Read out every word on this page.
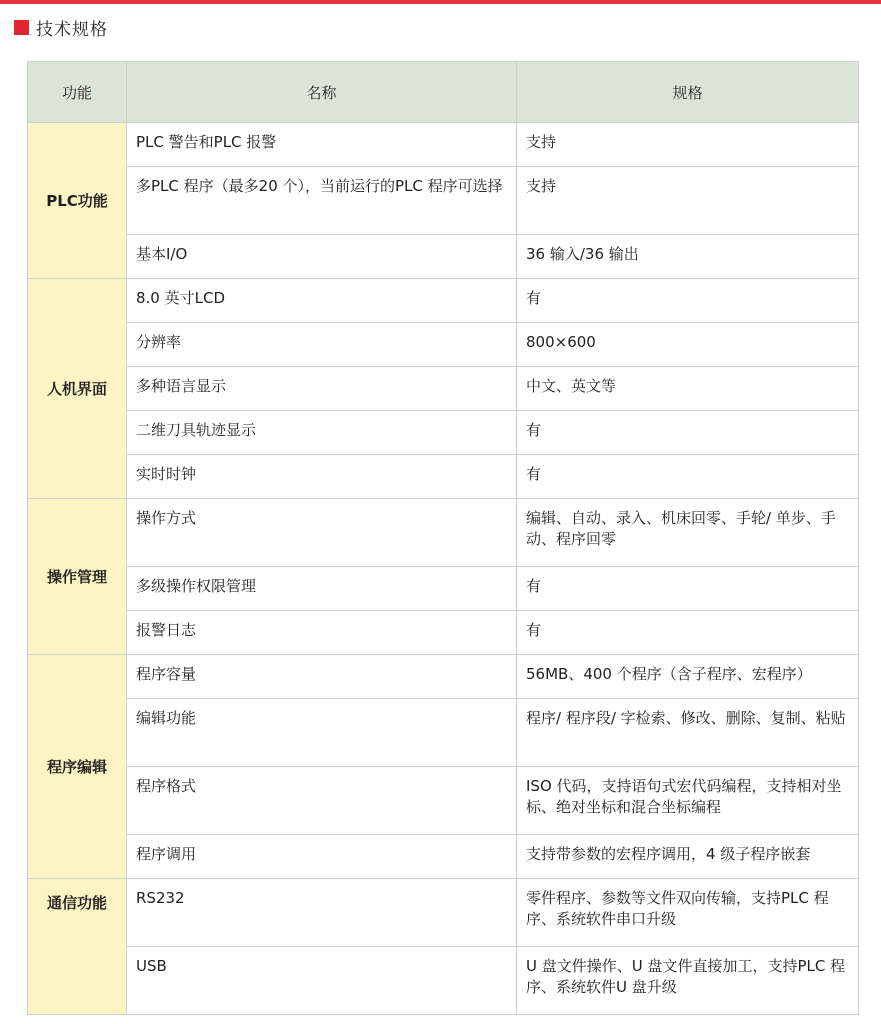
技术规格
功能	名称	规格
PLC功能	PLC 警告和PLC 报警	支持
	多PLC 程序（最多20 个），当前运行的PLC 程序可选择	支持
	基本I/O	36 输入/36 输出
人机界面	8.0 英寸LCD	有
	分辨率	800×600
	多种语言显示	中文、英文等
	二维刀具轨迹显示	有
	实时时钟	有
操作管理	操作方式	编辑、自动、录入、机床回零、手轮/ 单步、手动、程序回零
	多级操作权限管理	有
	报警日志	有
程序编辑	程序容量	56MB、400 个程序（含子程序、宏程序）
	编辑功能	程序/ 程序段/ 字检索、修改、删除、复制、粘贴
	程序格式	ISO 代码，支持语句式宏代码编程，支持相对坐标、绝对坐标和混合坐标编程
	程序调用	支持带参数的宏程序调用，4 级子程序嵌套
通信功能	RS232	零件程序、参数等文件双向传输，支持PLC 程序、系统软件串口升级
	USB	U 盘文件操作、U 盘文件直接加工，支持PLC 程序、系统软件U 盘升级
